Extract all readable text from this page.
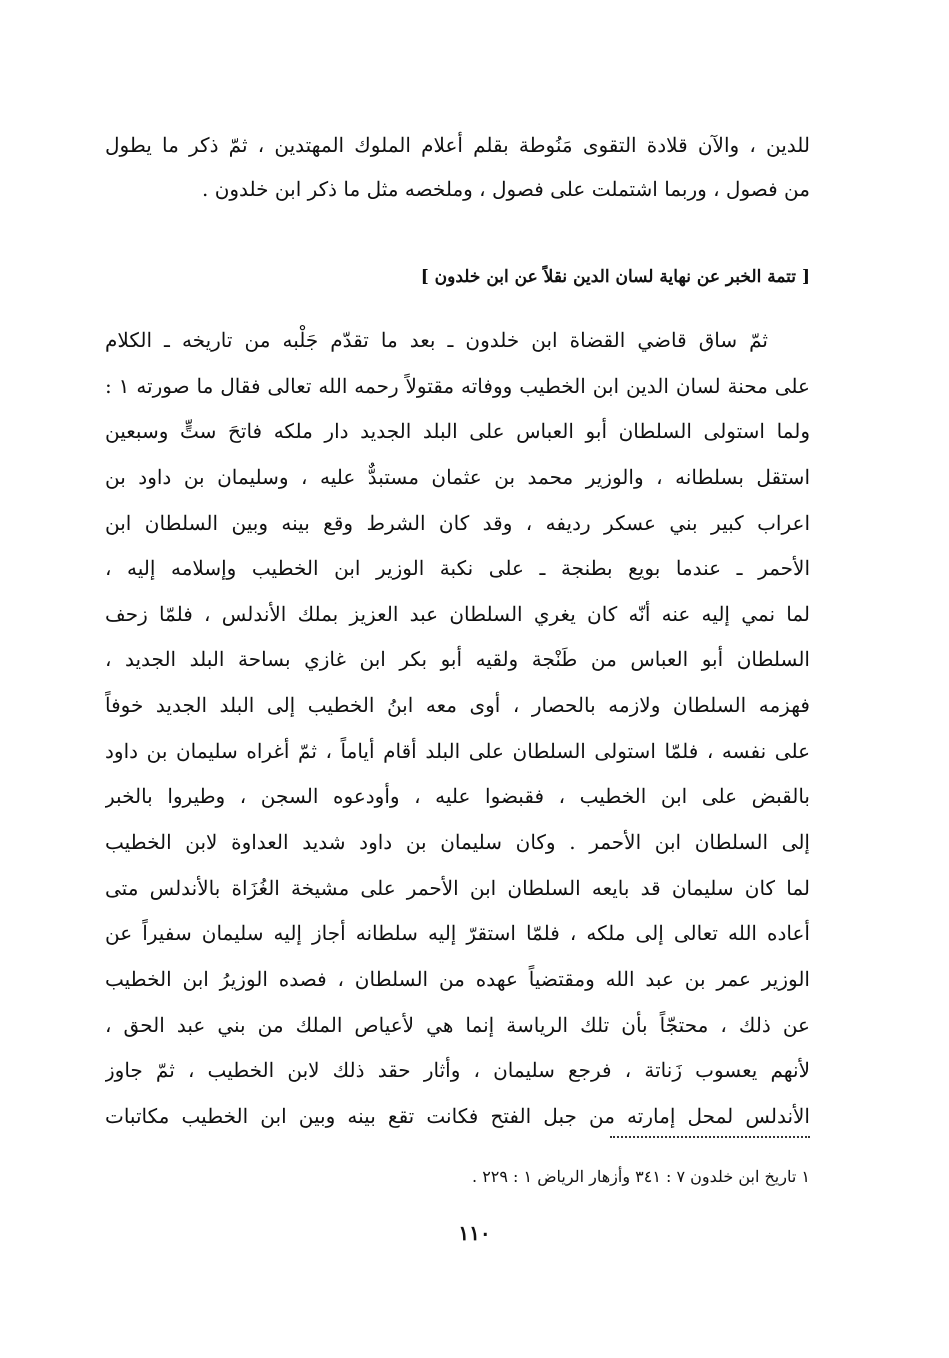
للدين ، والآن قلادة التقوى مَنُوطة بقلم أعلام الملوك المهتدين ، ثمّ ذكر ما يطول
من فصول ، وربما اشتملت على فصول ، وملخصه مثل ما ذكر ابن خلدون .
[ تتمة الخبر عن نهاية لسان الدين نقلاً عن ابن خلدون ]
ثمّ ساق قاضي القضاة ابن خلدون ـ بعد ما تقدّم جَلْبه من تاريخه ـ الكلام
على محنة لسان الدين ابن الخطيب ووفاته مقتولاً رحمه الله تعالى فقال ما صورته ١ :
ولما استولى السلطان أبو العباس على البلد الجديد دار ملكه فاتحَ ستٍّ وسبعين
استقل بسلطانه ، والوزير محمد بن عثمان مستبدٌّ عليه ، وسليمان بن داود بن
اعراب كبير بني عسكر رديفه ، وقد كان الشرط وقع بينه وبين السلطان ابن
الأحمر ـ عندما بويع بطنجة ـ على نكبة الوزير ابن الخطيب وإسلامه إليه ،
لما نمي إليه عنه أنّه كان يغري السلطان عبد العزيز بملك الأندلس ، فلمّا زحف
السلطان أبو العباس من طَنْجة ولقيه أبو بكر ابن غازي بساحة البلد الجديد ،
فهزمه السلطان ولازمه بالحصار ، أوى معه ابنُ الخطيب إلى البلد الجديد خوفاً
على نفسه ، فلمّا استولى السلطان على البلد أقام أياماً ، ثمّ أغراه سليمان بن داود
بالقبض على ابن الخطيب ، فقبضوا عليه ، وأودعوه السجن ، وطيروا بالخبر
إلى السلطان ابن الأحمر . وكان سليمان بن داود شديد العداوة لابن الخطيب
لما كان سليمان قد بايعه السلطان ابن الأحمر على مشيخة الغُزَاة بالأندلس متى
أعاده الله تعالى إلى ملكه ، فلمّا استقرّ إليه سلطانه أجاز إليه سليمان سفيراً عن
الوزير عمر بن عبد الله ومقتضياً عهده من السلطان ، فصده الوزيرُ ابن الخطيب
عن ذلك ، محتجّاً بأن تلك الرياسة إنما هي لأعياص الملك من بني عبد الحق ،
لأنهم يعسوب زَناتة ، فرجع سليمان ، وأثار حقد ذلك لابن الخطيب ، ثمّ جاوز
الأندلس لمحل إمارته من جبل الفتح فكانت تقع بينه وبين ابن الخطيب مكاتبات
١ تاريخ ابن خلدون ٧ : ٣٤١ وأزهار الرياض ١ : ٢٢٩ .
١١٠
